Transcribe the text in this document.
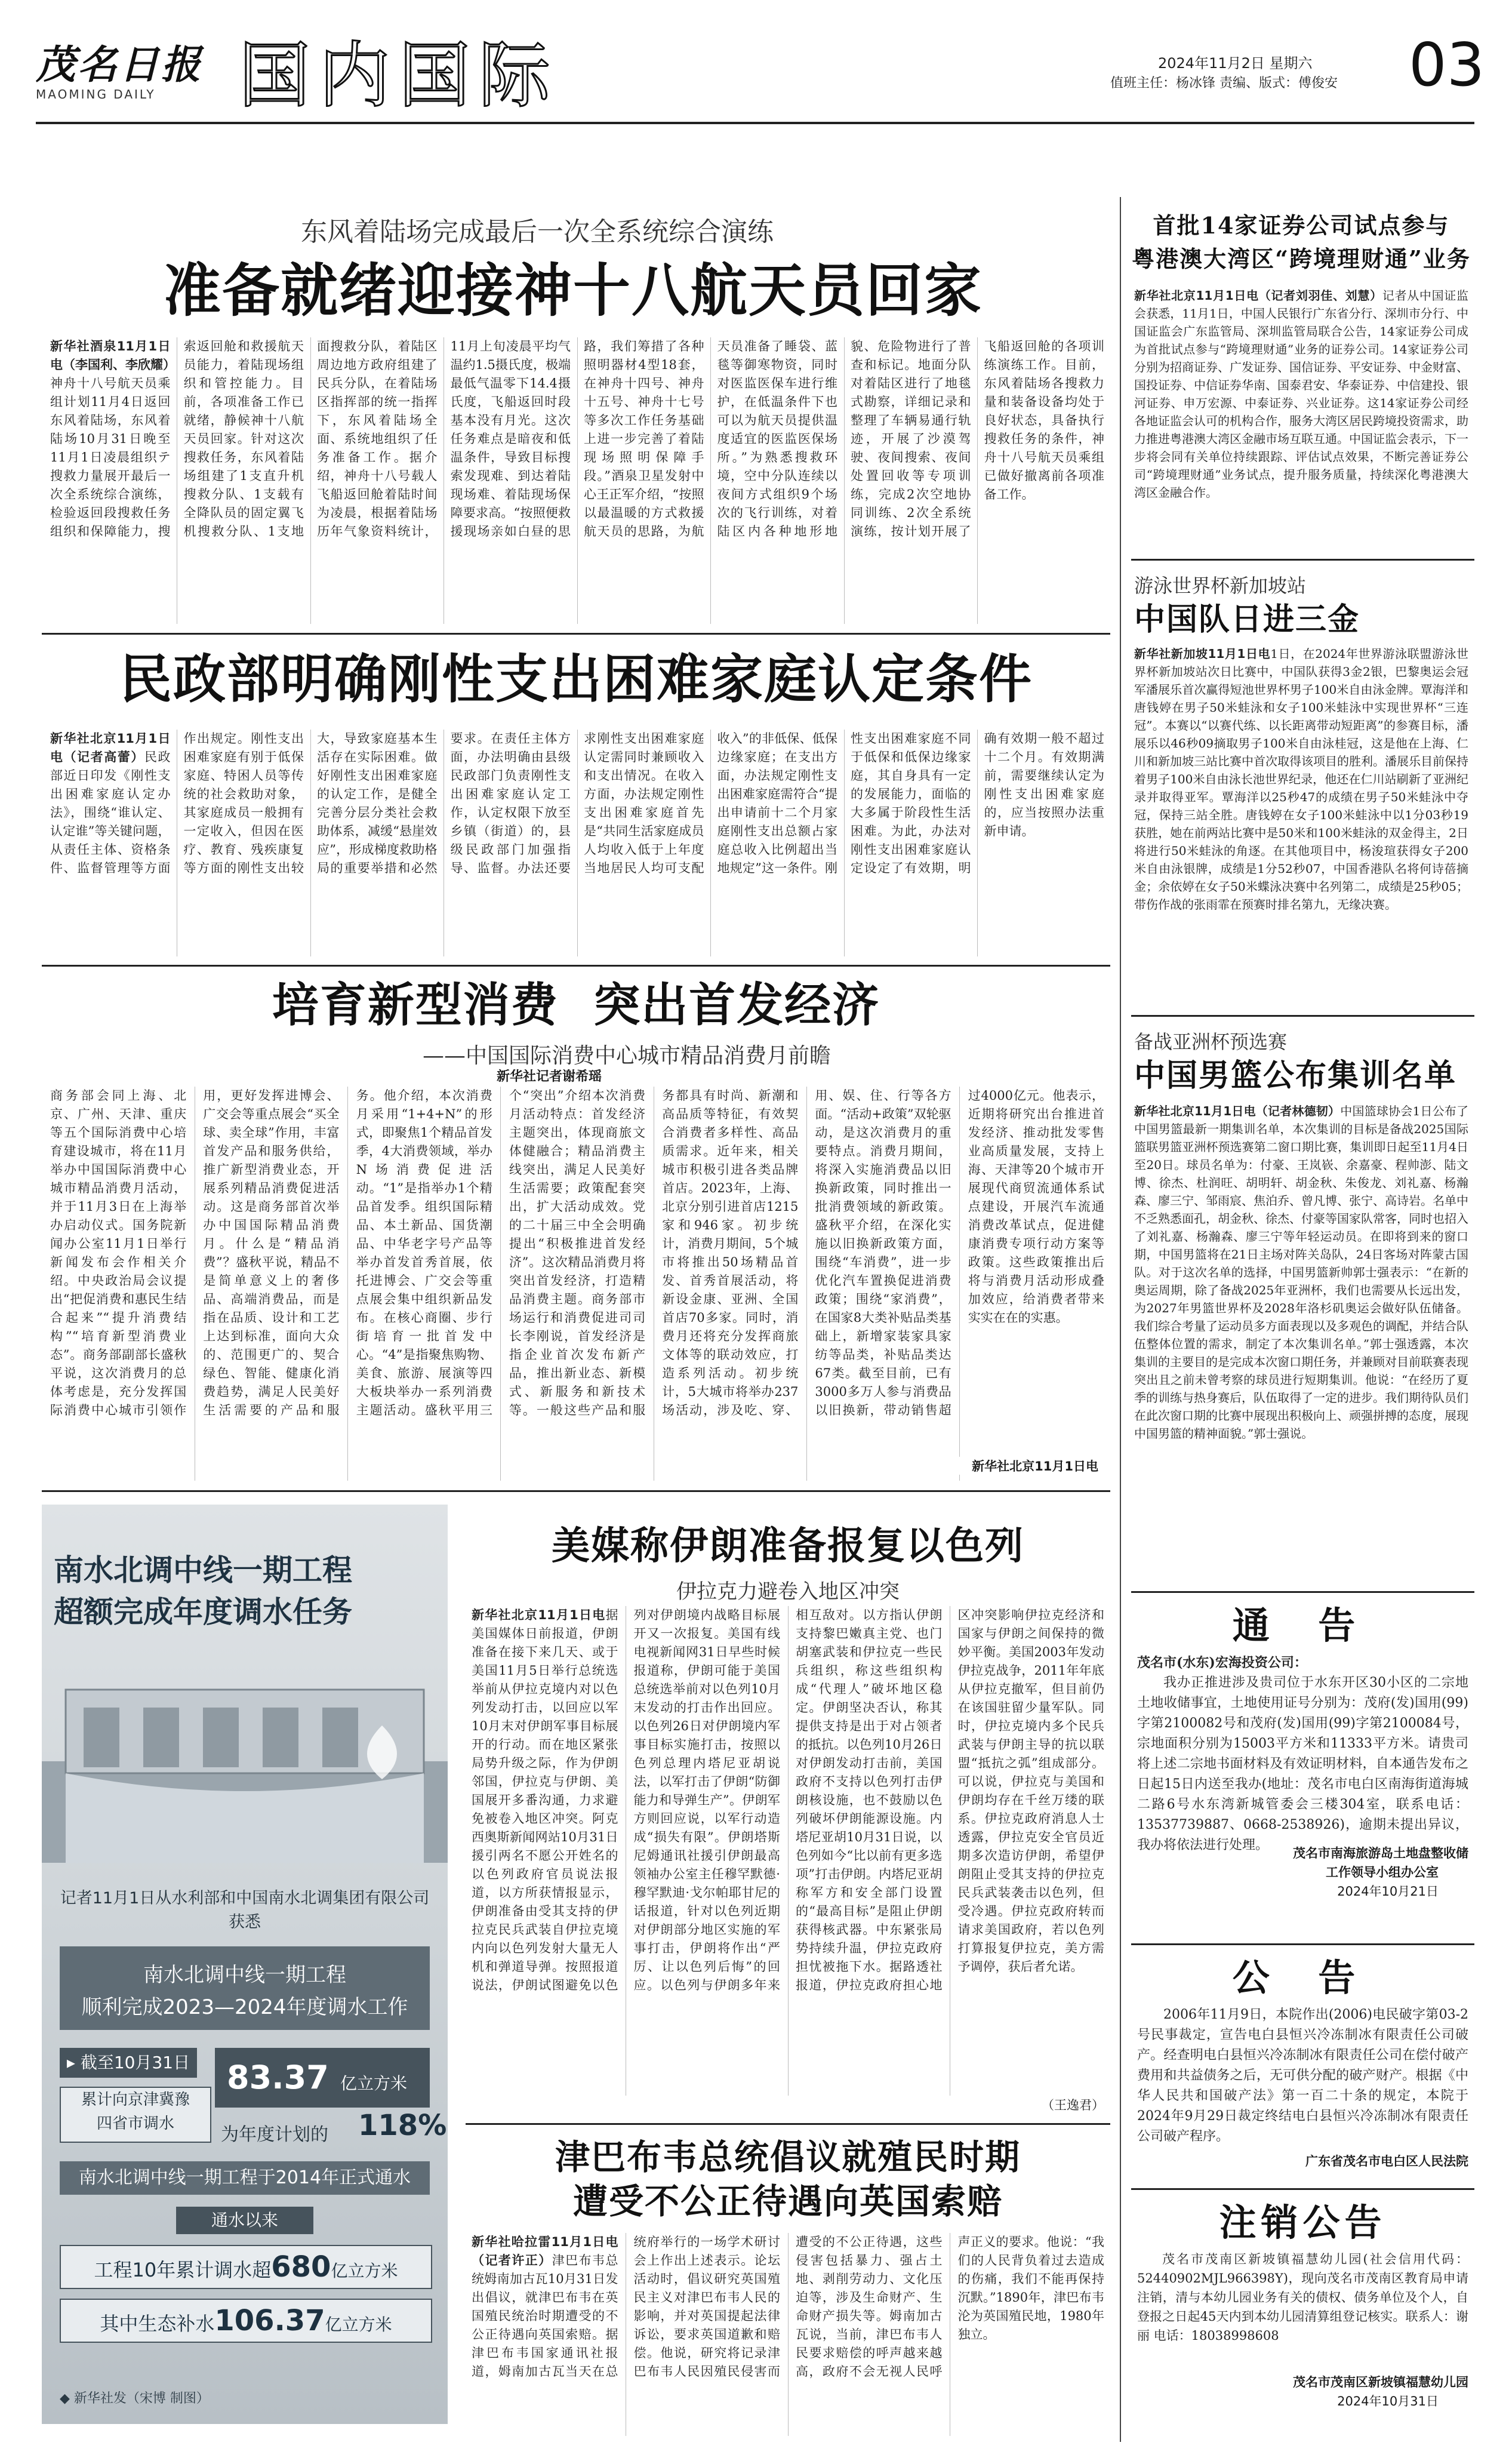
茂名日报
MAOMING DAILY	国内国际	2024年11月2日 星期六
值班主任：杨冰锋 责编、版式：傅俊安 03
东风着陆场完成最后一次全系统综合演练
准备就绪迎接神十八航天员回家
新华社酒泉11月1日电（李国利、李欣耀）神舟十八号航天员乘组计划11月4日返回东风着陆场，东风着陆场10月31日晚至11月1日凌晨组织テ搜救力量展开最后一次全系统综合演练，检验返回段搜救任务组织和保障能力，搜索返回舱和救援航天员能力，着陆现场组织和管控能力。目前，各项准备工作已就绪，静候神十八航天员回家。针对这次搜救任务，东风着陆场组建了1支直升机搜救分队、1支载有全降队员的固定翼飞机搜救分队、1支地面搜救分队，着陆区周边地方政府组建了民兵分队，在着陆场区指挥部的统一指挥下，东风着陆场全面、系统地组织了任务准备工作。据介绍，神舟十八号载人飞船返回舱着陆时间为凌晨，根据着陆场历年气象资料统计，11月上旬凌晨平均气温约1.5摄氏度，极端最低气温零下14.4摄氏度，飞船返回时段基本没有月光。这次任务难点是暗夜和低温条件，导致目标搜索发现难、到达着陆现场难、着陆现场保障要求高。“按照便救援现场亲如白昼的思路，我们筹措了各种照明器材4型18套，在神舟十四号、神舟十五号、神舟十七号等多次工作任务基础上进一步完善了着陆现场照明保障手段。”酒泉卫星发射中心王正军介绍，“按照以最温暖的方式救援航天员的思路，为航天员准备了睡袋、蓝毯等御寒物资，同时对医监医保车进行维护，在低温条件下也可以为航天员提供温度适宜的医监医保场所。”为熟悉搜救环境，空中分队连续以夜间方式组织9个场次的飞行训练，对着陆区内各种地形地貌、危险物进行了普查和标记。地面分队对着陆区进行了地毯式勘察，详细记录和整理了车辆易通行轨迹，开展了沙漠驾驶、夜间搜索、夜间处置回收等专项训练，完成2次空地协同训练、2次全系统演练，按计划开展了飞船返回舱的各项训练演练工作。目前，东风着陆场各搜救力量和装备设备均处于良好状态，具备执行搜救任务的条件，神舟十八号航天员乘组已做好撤离前各项准备工作。
民政部明确刚性支出困难家庭认定条件
新华社北京11月1日电（记者高蕾）民政部近日印发《刚性支出困难家庭认定办法》，围绕“谁认定、认定谁”等关键问题，从责任主体、资格条件、监督管理等方面作出规定。刚性支出困难家庭有别于低保家庭、特困人员等传统的社会救助对象，其家庭成员一般拥有一定收入，但因在医疗、教育、残疾康复等方面的刚性支出较大，导致家庭基本生活存在实际困难。做好刚性支出困难家庭的认定工作，是健全完善分层分类社会救助体系，减缓“悬崖效应”，形成梯度救助格局的重要举措和必然要求。在责任主体方面，办法明确由县级民政部门负责刚性支出困难家庭认定工作，认定权限下放至乡镇（街道）的，县级民政部门加强指导、监督。办法还要求刚性支出困难家庭认定需同时兼顾收入和支出情况。在收入方面，办法规定刚性支出困难家庭首先是“共同生活家庭成员人均收入低于上年度当地居民人均可支配收入”的非低保、低保边缘家庭；在支出方面，办法规定刚性支出困难家庭需符合“提出申请前十二个月家庭刚性支出总额占家庭总收入比例超出当地规定”这一条件。刚性支出困难家庭不同于低保和低保边缘家庭，其自身具有一定的发展能力，面临的大多属于阶段性生活困难。为此，办法对刚性支出困难家庭认定设定了有效期，明确有效期一般不超过十二个月。有效期满前，需要继续认定为刚性支出困难家庭的，应当按照办法重新申请。
培育新型消费  突出首发经济
——中国国际消费中心城市精品消费月前瞻
新华社记者谢希瑶
商务部会同上海、北京、广州、天津、重庆等五个国际消费中心培育建设城市，将在11月举办中国国际消费中心城市精品消费月活动，并于11月3日在上海举办启动仪式。国务院新闻办公室11月1日举行新闻发布会作相关介绍。中央政治局会议提出“把促消费和惠民生结合起来”“提升消费结构”“培育新型消费业态”。商务部副部长盛秋平说，这次消费月的总体考虑是，充分发挥国际消费中心城市引领作用，更好发挥进博会、广交会等重点展会“买全球、卖全球”作用，丰富首发产品和服务供给，推广新型消费业态，开展系列精品消费促进活动。这是商务部首次举办中国国际精品消费月。什么是“精品消费”？盛秋平说，精品不是简单意义上的奢侈品、高端消费品，而是指在品质、设计和工艺上达到标准，面向大众的、范围更广的、契合绿色、智能、健康化消费趋势，满足人民美好生活需要的产品和服务。他介绍，本次消费月采用“1+4+N”的形式，即聚焦1个精品首发季，4大消费领域，举办N场消费促进活动。“1”是指举办1个精品首发季。组织国际精品、本土新品、国货潮品、中华老字号产品等举办首发首秀首展，依托进博会、广交会等重点展会集中组织新品发布。在核心商圈、步行街培育一批首发中心。“4”是指聚焦购物、美食、旅游、展演等四大板块举办一系列消费主题活动。盛秋平用三个“突出”介绍本次消费月活动特点：首发经济主题突出，体现商旅文体健融合；精品消费主线突出，满足人民美好生活需要；政策配套突出，扩大活动成效。党的二十届三中全会明确提出“积极推进首发经济”。这次精品消费月将突出首发经济，打造精品消费主题。商务部市场运行和消费促进司司长李刚说，首发经济是指企业首次发布新产品，推出新业态、新模式、新服务和新技术等。一般这些产品和服务都具有时尚、新潮和高品质等特征，有效契合消费者多样性、高品质需求。近年来，相关城市积极引进各类品牌首店。2023年，上海、北京分别引进首店1215家和946家。初步统计，消费月期间，5个城市将推出50场精品首发、首秀首展活动，将新设金康、亚洲、全国首店70多家。同时，消费月还将充分发挥商旅文体等的联动效应，打造系列活动。初步统计，5大城市将举办237场活动，涉及吃、穿、用、娱、住、行等各方面。“活动+政策”双轮驱动，是这次消费月的重要特点。消费月期间，将深入实施消费品以旧换新政策，同时推出一批消费领域的新政策。盛秋平介绍，在深化实施以旧换新政策方面，围绕“车消费”，进一步优化汽车置换促进消费政策；围绕“家消费”，在国家8大类补贴品类基础上，新增家装家具家纺等品类，补贴品类达67类。截至目前，已有3000多万人参与消费品以旧换新，带动销售超过4000亿元。他表示，近期将研究出台推进首发经济、推动批发零售业高质量发展，支持上海、天津等20个城市开展现代商贸流通体系试点建设，开展汽车流通消费改革试点，促进健康消费专项行动方案等政策。这些政策推出后将与消费月活动形成叠加效应，给消费者带来实实在在的实惠。
新华社北京11月1日电
南水北调中线一期工程
超额完成年度调水任务
记者11月1日从水利部和中国南水北调集团有限公司获悉
南水北调中线一期工程
顺利完成2023—2024年度调水工作
▸ 截至10月31日
累计向京津冀豫
四省市调水
83.37 亿立方米
为年度计划的 118%
南水北调中线一期工程于2014年正式通水
通水以来
工程10年累计调水超680亿立方米
其中生态补水106.37亿立方米
◆ 新华社发（宋博 制图）
美媒称伊朗准备报复以色列
伊拉克力避卷入地区冲突
新华社北京11月1日电据美国媒体日前报道，伊朗准备在接下来几天、或于美国11月5日举行总统选举前从伊拉克境内对以色列发动打击，以回应以军10月末对伊朗军事目标展开的行动。而在地区紧张局势升级之际，作为伊朗邻国，伊拉克与伊朗、美国展开多番沟通，力求避免被卷入地区冲突。阿克西奥斯新闻网站10月31日援引两名不愿公开姓名的以色列政府官员说法报道，以方所获情报显示，伊朗准备由受其支持的伊拉克民兵武装自伊拉克境内向以色列发射大量无人机和弹道导弹。按照报道说法，伊朗试图避免以色列对伊朗境内战略目标展开又一次报复。美国有线电视新闻网31日早些时候报道称，伊朗可能于美国总统选举前对以色列10月末发动的打击作出回应。以色列26日对伊朗境内军事目标实施打击，按照以色列总理内塔尼亚胡说法，以军打击了伊朗“防御能力和导弹生产”。伊朗军方则回应说，以军行动造成“损失有限”。伊朗塔斯尼姆通讯社援引伊朗最高领袖办公室主任穆罕默德·穆罕默迪·戈尔帕耶甘尼的话报道，针对以色列近期对伊朗部分地区实施的军事打击，伊朗将作出“严厉、让以色列后悔”的回应。以色列与伊朗多年来相互敌对。以方指认伊朗支持黎巴嫩真主党、也门胡塞武装和伊拉克一些民兵组织，称这些组织构成“代理人”破坏地区稳定。伊朗坚决否认，称其提供支持是出于对占领者的抵抗。以色列10月26日对伊朗发动打击前，美国政府不支持以色列打击伊朗核设施，也不鼓励以色列破坏伊朗能源设施。内塔尼亚胡10月31日说，以色列如今“比以前有更多选项”打击伊朗。内塔尼亚胡称军方和安全部门设置的“最高目标”是阻止伊朗获得核武器。中东紧张局势持续升温，伊拉克政府担忧被拖下水。据路透社报道，伊拉克政府担心地区冲突影响伊拉克经济和国家与伊朗之间保持的微妙平衡。美国2003年发动伊拉克战争，2011年年底从伊拉克撤军，但目前仍在该国驻留少量军队。同时，伊拉克境内多个民兵武装与伊朗主导的抗以联盟“抵抗之弧”组成部分。可以说，伊拉克与美国和伊朗均存在千丝万缕的联系。伊拉克政府消息人士透露，伊拉克安全官员近期多次造访伊朗，希望伊朗阻止受其支持的伊拉克民兵武装袭击以色列，但受冷遇。伊拉克政府转而请求美国政府，若以色列打算报复伊拉克，美方需予调停，获后者允诺。
（王逸君）
津巴布韦总统倡议就殖民时期
遭受不公正待遇向英国索赔
新华社哈拉雷11月1日电（记者许正）津巴布韦总统姆南加古瓦10月31日发出倡议，就津巴布韦在英国殖民统治时期遭受的不公正待遇向英国索赔。据津巴布韦国家通讯社报道，姆南加古瓦当天在总统府举行的一场学术研讨会上作出上述表示。论坛活动时，倡议研究英国殖民主义对津巴布韦人民的影响，并对英国提起法律诉讼，要求英国道歉和赔偿。他说，研究将记录津巴布韦人民因殖民侵害而遭受的不公正待遇，这些侵害包括暴力、强占土地、剥削劳动力、文化压迫等，涉及生命财产、生命财产损失等。姆南加古瓦说，当前，津巴布韦人民要求赔偿的呼声越来越高，政府不会无视人民呼声正义的要求。他说：“我们的人民背负着过去造成的伤痛，我们不能再保持沉默。”1890年，津巴布韦沦为英国殖民地，1980年独立。
首批14家证券公司试点参与
粤港澳大湾区“跨境理财通”业务
新华社北京11月1日电（记者刘羽佳、刘慧）记者从中国证监会获悉，11月1日，中国人民银行广东省分行、深圳市分行、中国证监会广东监管局、深圳监管局联合公告，14家证券公司成为首批试点参与“跨境理财通”业务的证券公司。14家证券公司分别为招商证券、广发证券、国信证券、平安证券、中金财富、国投证券、中信证券华南、国泰君安、华泰证券、中信建投、银河证券、申万宏源、中泰证券、兴业证券。这14家证券公司经各地证监会认可的机构合作，服务大湾区居民跨境投资需求，助力推进粤港澳大湾区金融市场互联互通。中国证监会表示，下一步将会同有关单位持续跟踪、评估试点效果，不断完善证券公司“跨境理财通”业务试点，提升服务质量，持续深化粤港澳大湾区金融合作。
游泳世界杯新加坡站
中国队日进三金
新华社新加坡11月1日电1日，在2024年世界游泳联盟游泳世界杯新加坡站次日比赛中，中国队获得3金2银，巴黎奥运会冠军潘展乐首次赢得短池世界杯男子100米自由泳金牌。覃海洋和唐钱婷在男子50米蛙泳和女子100米蛙泳中实现世界杯“三连冠”。本赛以“以赛代练、以长距离带动短距离”的参赛目标，潘展乐以46秒09摘取男子100米自由泳桂冠，这是他在上海、仁川和新加坡三站比赛中首次取得该项目的胜利。潘展乐目前保持着男子100米自由泳长池世界纪录，他还在仁川站刷新了亚洲纪录并取得亚军。覃海洋以25秒47的成绩在男子50米蛙泳中夺冠，保持三站全胜。唐钱婷在女子100米蛙泳中以1分03秒19获胜，她在前两站比赛中是50米和100米蛙泳的双金得主，2日将进行50米蛙泳的角逐。在其他项目中，杨浚瑄获得女子200米自由泳银牌，成绩是1分52秒07，中国香港队名将何诗蓓摘金；余依婷在女子50米蝶泳决赛中名列第二，成绩是25秒05；带伤作战的张雨霏在预赛时排名第九，无缘决赛。
备战亚洲杯预选赛
中国男篮公布集训名单
新华社北京11月1日电（记者林德韧）中国篮球协会1日公布了中国男篮最新一期集训名单，本次集训的目标是备战2025国际篮联男篮亚洲杯预选赛第二窗口期比赛，集训即日起至11月4日至20日。球员名单为：付豪、王岚嵚、余嘉豪、程帅澎、陆文博、徐杰、杜润旺、胡明轩、胡金秋、朱俊龙、刘礼嘉、杨瀚森、廖三宁、邹雨宸、焦泊乔、曾凡博、张宁、高诗岩。名单中不乏熟悉面孔，胡金秋、徐杰、付豪等国家队常客，同时也招入了刘礼嘉、杨瀚森、廖三宁等年轻运动员。在即将到来的窗口期，中国男篮将在21日主场对阵关岛队，24日客场对阵蒙古国队。对于这次名单的选择，中国男篮新帅郭士强表示：“在新的奥运周期，除了备战2025年亚洲杯，我们也需要从长远出发，为2027年男篮世界杯及2028年洛杉矶奥运会做好队伍储备。我们综合考量了运动员多方面表现以及多观色的调配，并结合队伍整体位置的需求，制定了本次集训名单。”郭士强透露，本次集训的主要目的是完成本次窗口期任务，并兼顾对目前联赛表现突出且之前未曾考察的球员进行短期集训。他说：“在经历了夏季的训练与热身赛后，队伍取得了一定的进步。我们期待队员们在此次窗口期的比赛中展现出积极向上、顽强拼搏的态度，展现中国男篮的精神面貌。”郭士强说。
通 告
茂名市(水东)宏海投资公司：

我办正推进涉及贵司位于水东开区30小区的二宗地土地收储事宜，土地使用证号分别为：茂府(发)国用(99)字第2100082号和茂府(发)国用(99)字第2100084号，宗地面积分别为15003平方米和11333平方米。请贵司将上述二宗地书面材料及有效证明材料，自本通告发布之日起15日内送至我办(地址：茂名市电白区南海街道海城二路6号水东湾新城管委会三楼304室，联系电话：13537739887、0668-2538926)，逾期未提出异议，我办将依法进行处理。

茂名市南海旅游岛土地盘整收储
工作领导小组办公室
2024年10月21日
公 告

2006年11月9日，本院作出(2006)电民破字第03-2号民事裁定，宣告电白县恒兴冷冻制冰有限责任公司破产。经查明电白县恒兴冷冻制冰有限责任公司在偿付破产费用和共益债务之后，无可供分配的破产财产。根据《中华人民共和国破产法》第一百二十条的规定，本院于2024年9月29日裁定终结电白县恒兴冷冻制冰有限责任公司破产程序。

广东省茂名市电白区人民法院
注销公告

茂名市茂南区新坡镇福慧幼儿园(社会信用代码：52440902MJL966398Y)，现向茂名市茂南区教育局申请注销，清与本幼儿园业务有关的债权、债务单位及个人，自登报之日起45天内到本幼儿园清算组登记核实。联系人：谢丽 电话：18038998608

茂名市茂南区新坡镇福慧幼儿园
2024年10月31日
